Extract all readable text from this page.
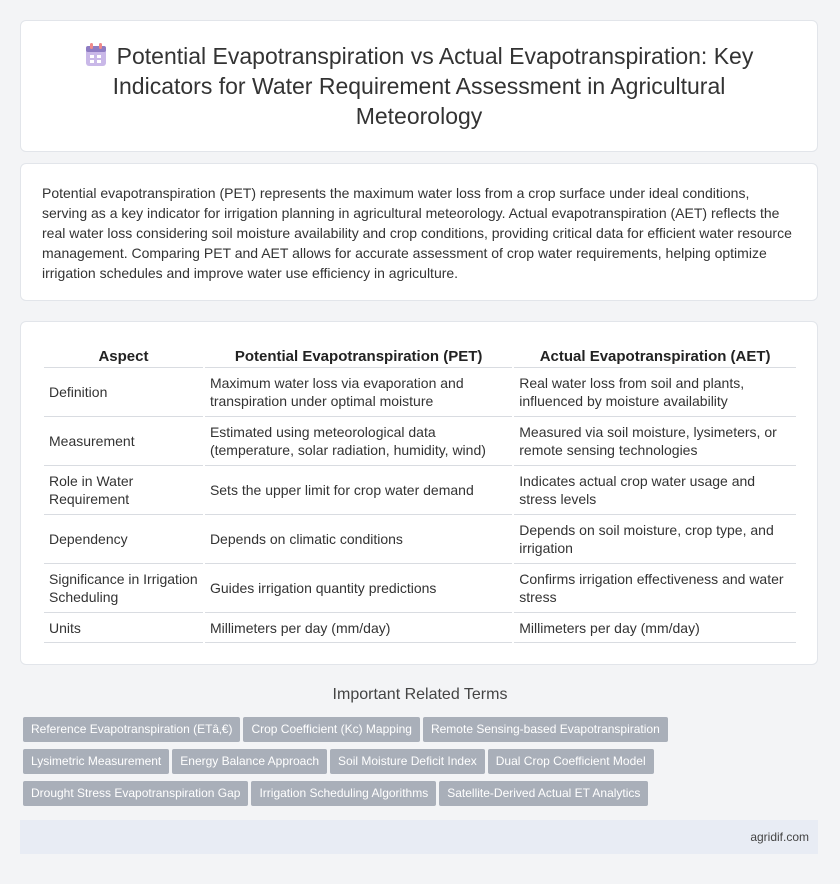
Potential Evapotranspiration vs Actual Evapotranspiration: Key Indicators for Water Requirement Assessment in Agricultural Meteorology

Potential evapotranspiration (PET) represents the maximum water loss from a crop surface under ideal conditions, serving as a key indicator for irrigation planning in agricultural meteorology. Actual evapotranspiration (AET) reflects the real water loss considering soil moisture availability and crop conditions, providing critical data for efficient water resource management. Comparing PET and AET allows for accurate assessment of crop water requirements, helping optimize irrigation schedules and improve water use efficiency in agriculture.

Aspect	Potential Evapotranspiration (PET)	Actual Evapotranspiration (AET)
Definition	Maximum water loss via evaporation and transpiration under optimal moisture	Real water loss from soil and plants, influenced by moisture availability
Measurement	Estimated using meteorological data (temperature, solar radiation, humidity, wind)	Measured via soil moisture, lysimeters, or remote sensing technologies
Role in Water Requirement	Sets the upper limit for crop water demand	Indicates actual crop water usage and stress levels
Dependency	Depends on climatic conditions	Depends on soil moisture, crop type, and irrigation
Significance in Irrigation Scheduling	Guides irrigation quantity predictions	Confirms irrigation effectiveness and water stress
Units	Millimeters per day (mm/day)	Millimeters per day (mm/day)
Important Related Terms
Reference Evapotranspiration (ETâ‚€) Crop Coefficient (Kc) Mapping Remote Sensing-based Evapotranspiration
Lysimetric Measurement Energy Balance Approach Soil Moisture Deficit Index Dual Crop Coefficient Model
Drought Stress Evapotranspiration Gap Irrigation Scheduling Algorithms Satellite-Derived Actual ET Analytics
agridif.com
